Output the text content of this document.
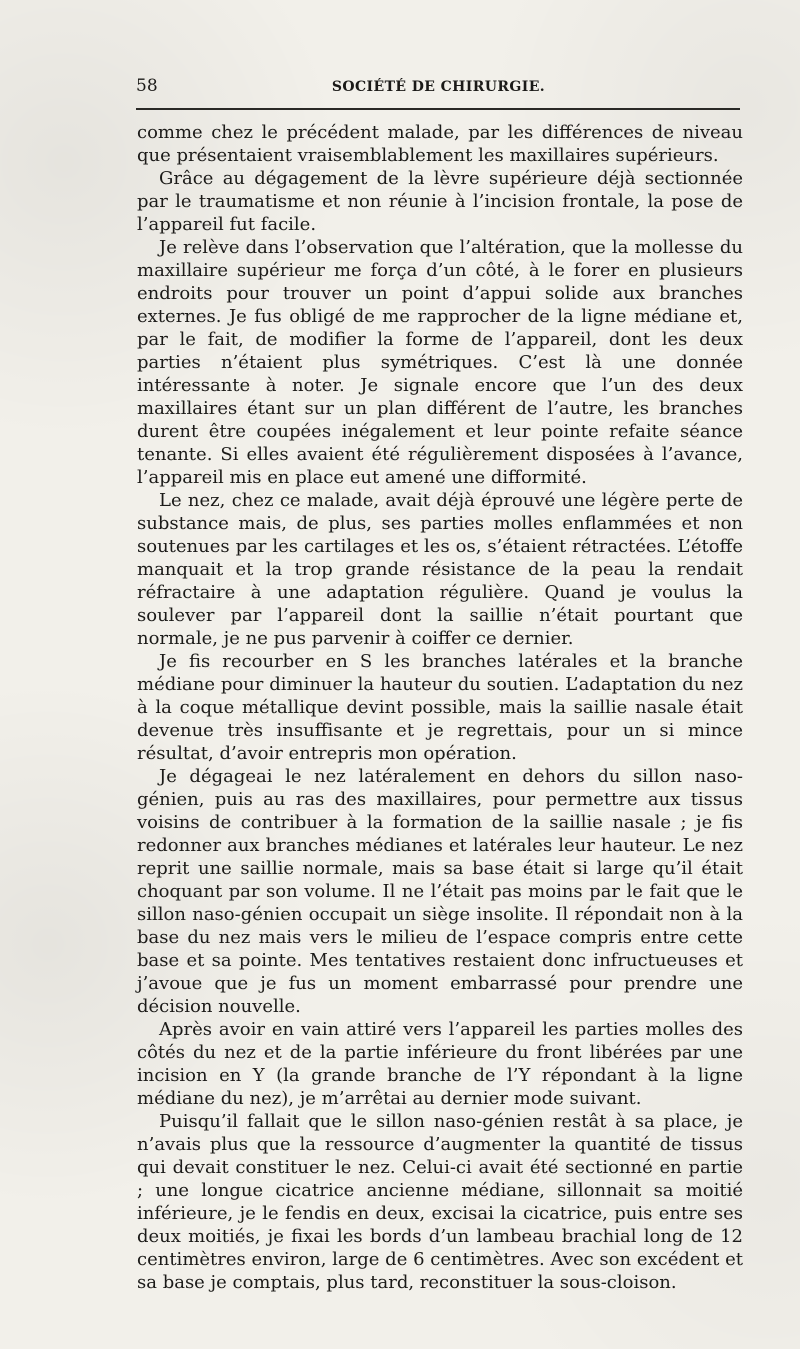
58	SOCIÉTÉ DE CHIRURGIE.

comme chez le précédent malade, par les différences de niveau que présentaient vraisemblablement les maxillaires supérieurs.

Grâce au dégagement de la lèvre supérieure déjà sectionnée par le traumatisme et non réunie à l’incision frontale, la pose de l’appareil fut facile.

Je relève dans l’observation que l’altération, que la mollesse du maxillaire supérieur me força d’un côté, à le forer en plusieurs endroits pour trouver un point d’appui solide aux branches externes. Je fus obligé de me rapprocher de la ligne médiane et, par le fait, de modifier la forme de l’appareil, dont les deux parties n’étaient plus symétriques. C’est là une donnée intéressante à noter. Je signale encore que l’un des deux maxillaires étant sur un plan différent de l’autre, les branches durent être coupées inégalement et leur pointe refaite séance tenante. Si elles avaient été régulièrement disposées à l’avance, l’appareil mis en place eut amené une difformité.

Le nez, chez ce malade, avait déjà éprouvé une légère perte de substance mais, de plus, ses parties molles enflammées et non soutenues par les cartilages et les os, s’étaient rétractées. L’étoffe manquait et la trop grande résistance de la peau la rendait réfractaire à une adaptation régulière. Quand je voulus la soulever par l’appareil dont la saillie n’était pourtant que normale, je ne pus parvenir à coiffer ce dernier.

Je fis recourber en S les branches latérales et la branche médiane pour diminuer la hauteur du soutien. L’adaptation du nez à la coque métallique devint possible, mais la saillie nasale était devenue très insuffisante et je regrettais, pour un si mince résultat, d’avoir entrepris mon opération.

Je dégageai le nez latéralement en dehors du sillon naso-génien, puis au ras des maxillaires, pour permettre aux tissus voisins de contribuer à la formation de la saillie nasale ; je fis redonner aux branches médianes et latérales leur hauteur. Le nez reprit une saillie normale, mais sa base était si large qu’il était choquant par son volume. Il ne l’était pas moins par le fait que le sillon naso-génien occupait un siège insolite. Il répondait non à la base du nez mais vers le milieu de l’espace compris entre cette base et sa pointe. Mes tentatives restaient donc infructueuses et j’avoue que je fus un moment embarrassé pour prendre une décision nouvelle.

Après avoir en vain attiré vers l’appareil les parties molles des côtés du nez et de la partie inférieure du front libérées par une incision en Y (la grande branche de l’Y répondant à la ligne médiane du nez), je m’arrêtai au dernier mode suivant.

Puisqu’il fallait que le sillon naso-génien restât à sa place, je n’avais plus que la ressource d’augmenter la quantité de tissus qui devait constituer le nez. Celui-ci avait été sectionné en partie ; une longue cicatrice ancienne médiane, sillonnait sa moitié inférieure, je le fendis en deux, excisai la cicatrice, puis entre ses deux moitiés, je fixai les bords d’un lambeau brachial long de 12 centimètres environ, large de 6 centimètres. Avec son excédent et sa base je comptais, plus tard, reconstituer la sous-cloison.
